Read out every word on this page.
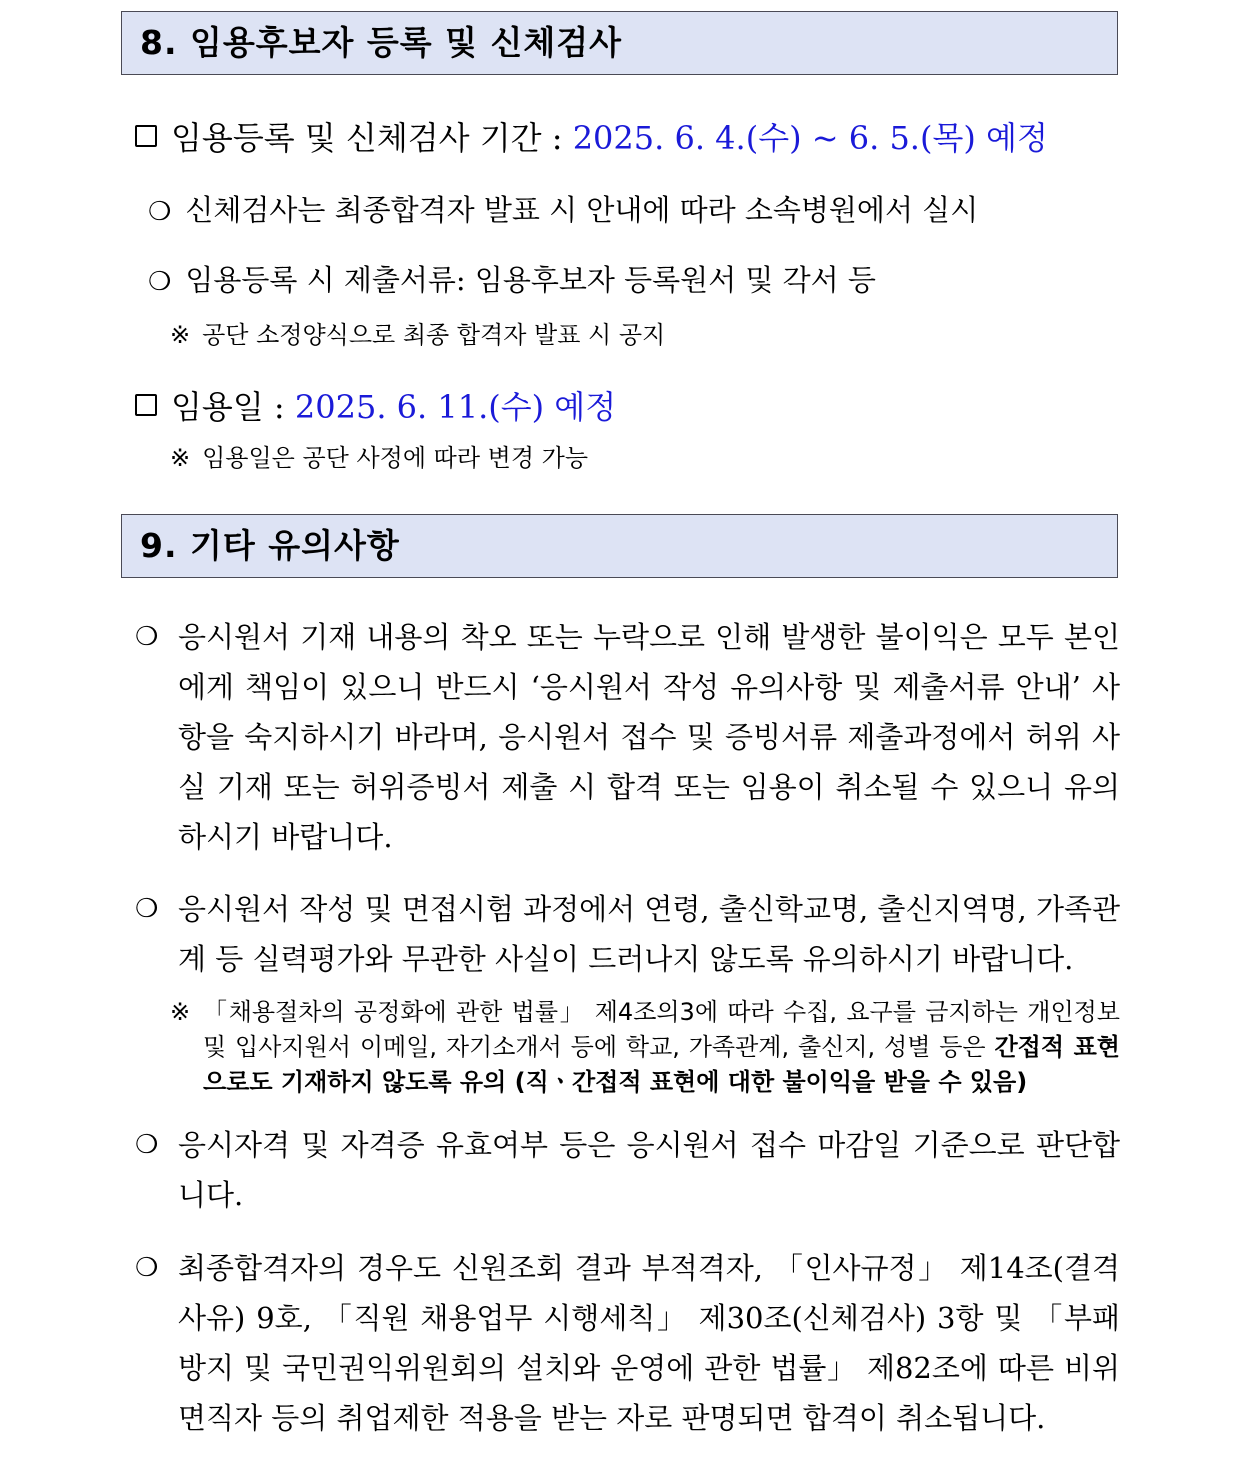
8. 임용후보자 등록 및 신체검사
임용등록 및 신체검사 기간 : 2025. 6. 4.(수) ~ 6. 5.(목) 예정
❍ 신체검사는 최종합격자 발표 시 안내에 따라 소속병원에서 실시
❍ 임용등록 시 제출서류: 임용후보자 등록원서 및 각서 등
※ 공단 소정양식으로 최종 합격자 발표 시 공지
임용일 : 2025. 6. 11.(수) 예정
※ 임용일은 공단 사정에 따라 변경 가능
9. 기타 유의사항
❍ 응시원서 기재 내용의 착오 또는 누락으로 인해 발생한 불이익은 모두 본인에게 책임이 있으니 반드시 ‘응시원서 작성 유의사항 및 제출서류 안내’ 사항을 숙지하시기 바라며, 응시원서 접수 및 증빙서류 제출과정에서 허위 사실 기재 또는 허위증빙서 제출 시 합격 또는 임용이 취소될 수 있으니 유의하시기 바랍니다.
❍ 응시원서 작성 및 면접시험 과정에서 연령, 출신학교명, 출신지역명, 가족관계 등 실력평가와 무관한 사실이 드러나지 않도록 유의하시기 바랍니다.
※ 「채용절차의 공정화에 관한 법률」 제4조의3에 따라 수집, 요구를 금지하는 개인정보 및 입사지원서 이메일, 자기소개서 등에 학교, 가족관계, 출신지, 성별 등은 간접적 표현으로도 기재하지 않도록 유의 (직ㆍ간접적 표현에 대한 불이익을 받을 수 있음)
❍ 응시자격 및 자격증 유효여부 등은 응시원서 접수 마감일 기준으로 판단합니다.
❍ 최종합격자의 경우도 신원조회 결과 부적격자, 「인사규정」 제14조(결격사유) 9호, 「직원 채용업무 시행세칙」 제30조(신체검사) 3항 및 「부패방지 및 국민권익위원회의 설치와 운영에 관한 법률」 제82조에 따른 비위면직자 등의 취업제한 적용을 받는 자로 판명되면 합격이 취소됩니다.
